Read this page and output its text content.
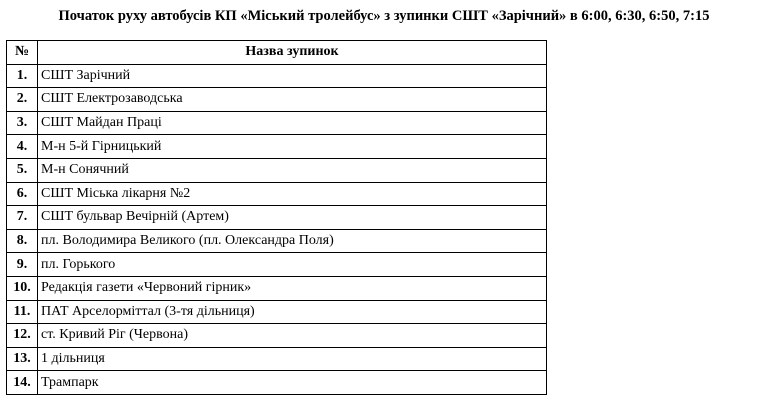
Початок руху автобусів КП «Міський тролейбус» з зупинки СШТ «Зарічний» в 6:00, 6:30, 6:50, 7:15
№	Назва зупинок
1.	СШТ Зарічний
2.	СШТ Електрозаводська
3.	СШТ Майдан Праці
4.	М-н 5-й Гірницький
5.	М-н Сонячний
6.	СШТ Міська лікарня №2
7.	СШТ бульвар Вечірній (Артем)
8.	пл. Володимира Великого (пл. Олександра Поля)
9.	пл. Горького
10.	Редакція газети «Червоний гірник»
11.	ПАТ Арселорміттал (3-тя дільниця)
12.	ст. Кривий Ріг (Червона)
13.	1 дільниця
14.	Трампарк
